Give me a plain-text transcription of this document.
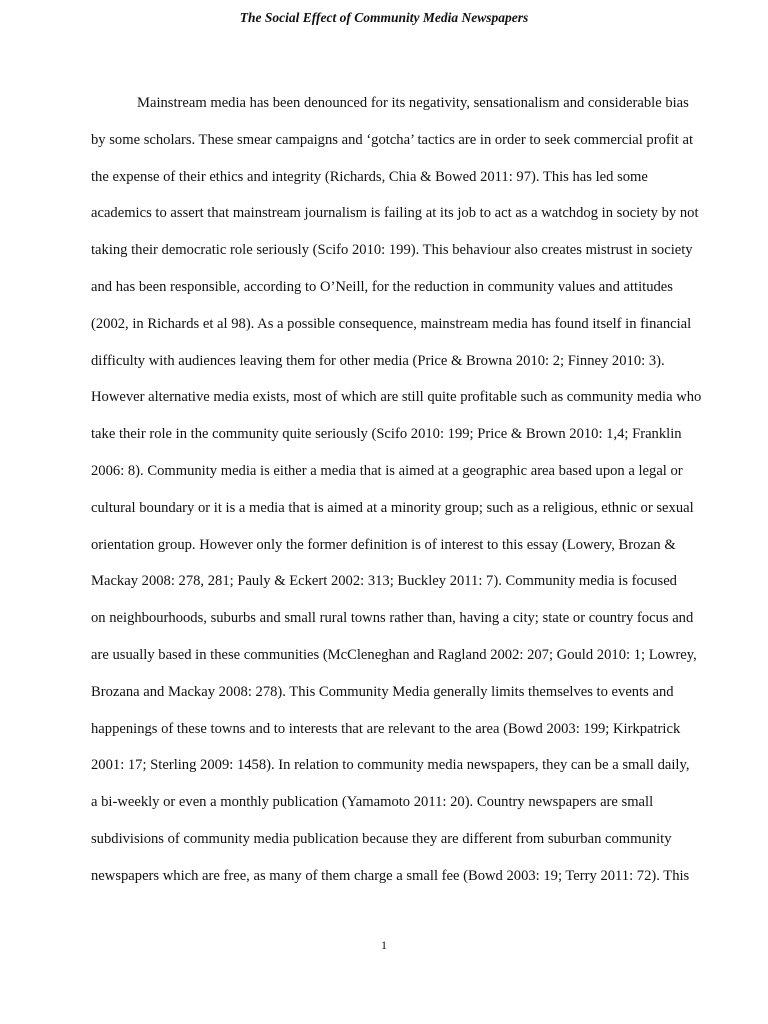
The Social Effect of Community Media Newspapers
Mainstream media has been denounced for its negativity, sensationalism and considerable bias
by some scholars. These smear campaigns and ‘gotcha’ tactics are in order to seek commercial profit at
the expense of their ethics and integrity (Richards, Chia & Bowed 2011: 97). This has led some
academics to assert that mainstream journalism is failing at its job to act as a watchdog in society by not
taking their democratic role seriously (Scifo 2010: 199). This behaviour also creates mistrust in society
and has been responsible, according to O’Neill, for the reduction in community values and attitudes
(2002, in Richards et al 98). As a possible consequence, mainstream media has found itself in financial
difficulty with audiences leaving them for other media (Price & Browna 2010: 2; Finney 2010: 3).
However alternative media exists, most of which are still quite profitable such as community media who
take their role in the community quite seriously (Scifo 2010: 199; Price & Brown 2010: 1,4; Franklin
2006: 8). Community media is either a media that is aimed at a geographic area based upon a legal or
cultural boundary or it is a media that is aimed at a minority group; such as a religious, ethnic or sexual
orientation group. However only the former definition is of interest to this essay (Lowery, Brozan &
Mackay 2008: 278, 281; Pauly & Eckert 2002: 313; Buckley 2011: 7). Community media is focused
on neighbourhoods, suburbs and small rural towns rather than, having a city; state or country focus and
are usually based in these communities (McCleneghan and Ragland 2002: 207; Gould 2010: 1; Lowrey,
Brozana and Mackay 2008: 278). This Community Media generally limits themselves to events and
happenings of these towns and to interests that are relevant to the area (Bowd 2003: 199; Kirkpatrick
2001: 17; Sterling 2009: 1458). In relation to community media newspapers, they can be a small daily,
a bi-weekly or even a monthly publication (Yamamoto 2011: 20). Country newspapers are small
subdivisions of community media publication because they are different from suburban community
newspapers which are free, as many of them charge a small fee (Bowd 2003: 19; Terry 2011: 72). This
1
